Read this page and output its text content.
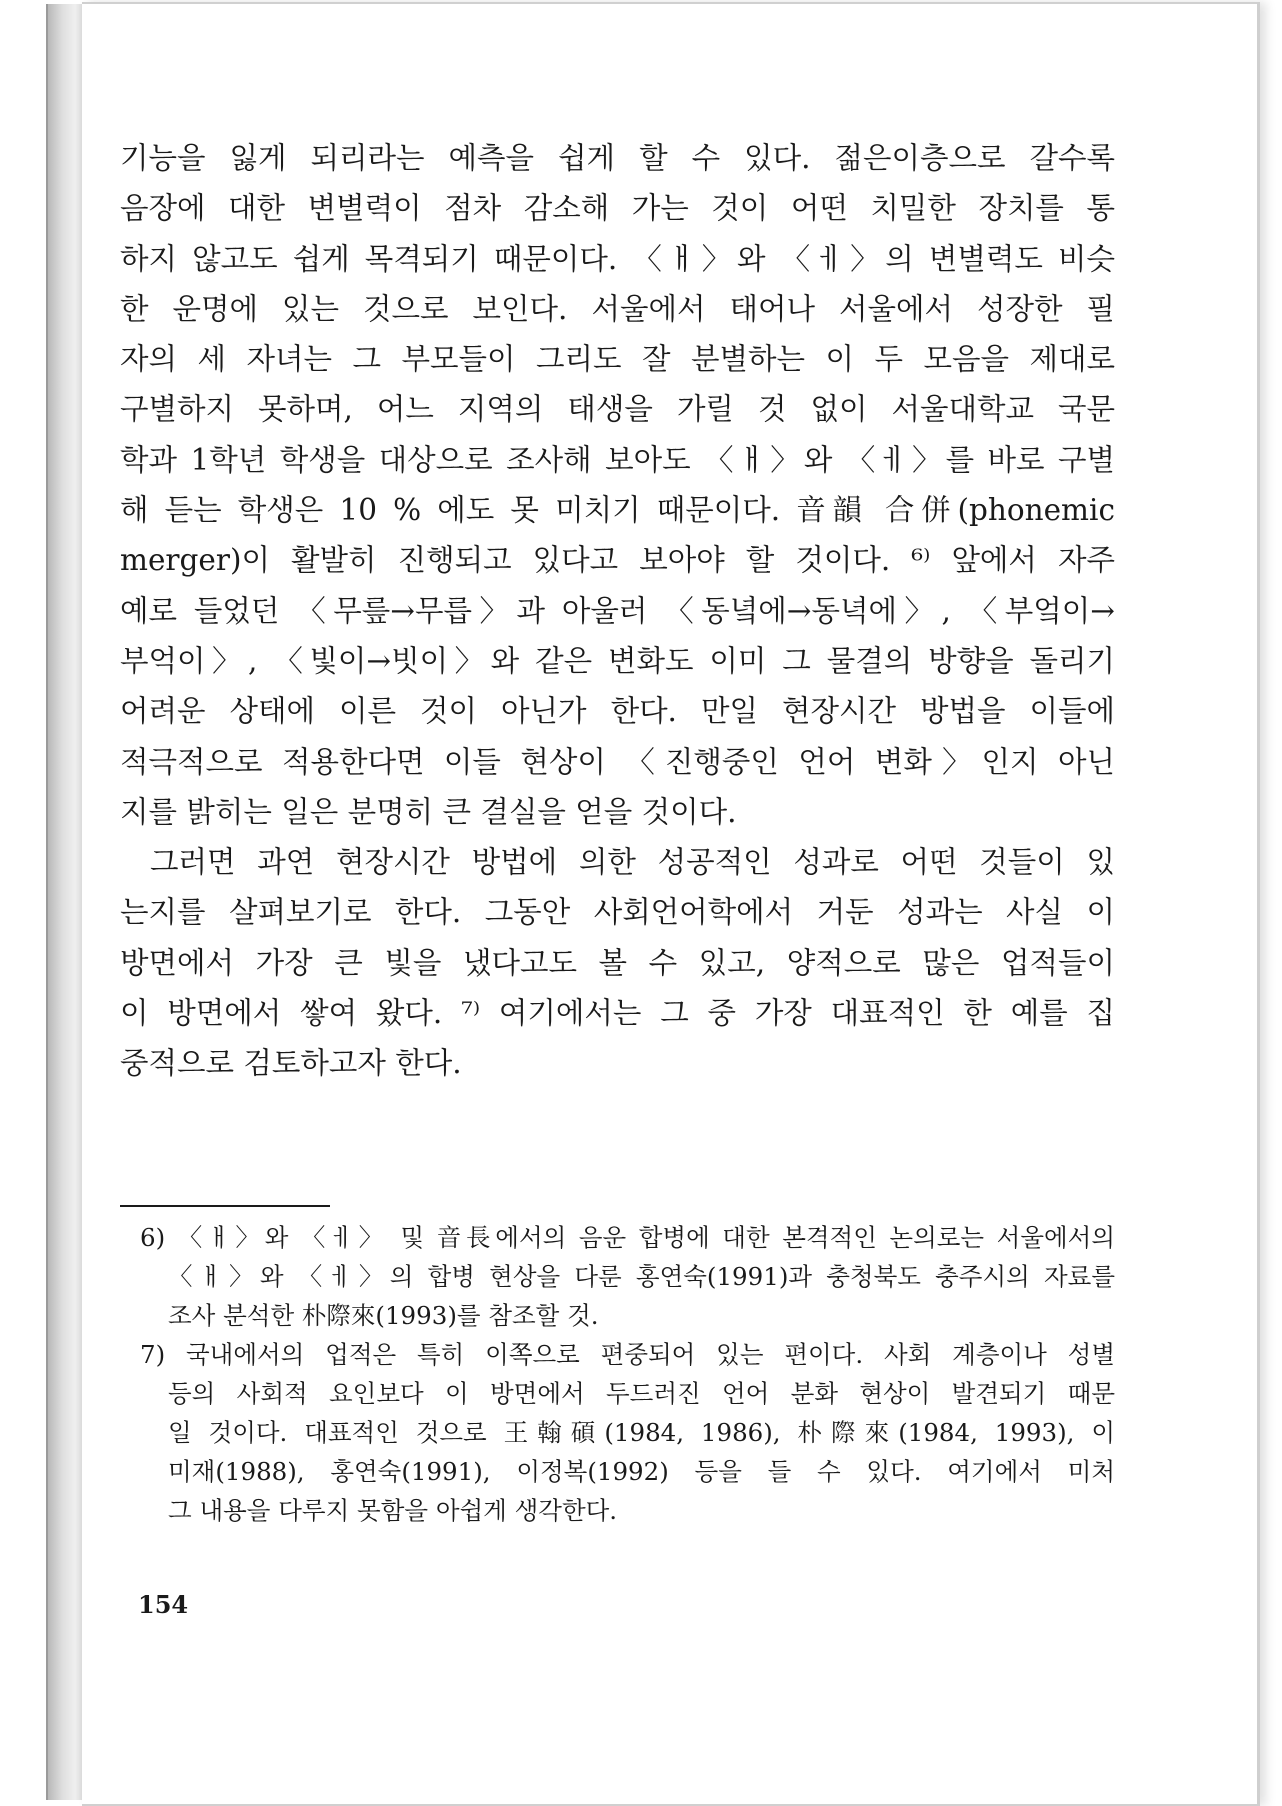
기능을 잃게 되리라는 예측을 쉽게 할 수 있다. 젊은이층으로 갈수록
음장에 대한 변별력이 점차 감소해 가는 것이 어떤 치밀한 장치를 통
하지 않고도 쉽게 목격되기 때문이다. 〈ㅐ〉와 〈ㅔ〉의 변별력도 비슷
한 운명에 있는 것으로 보인다. 서울에서 태어나 서울에서 성장한 필
자의 세 자녀는 그 부모들이 그리도 잘 분별하는 이 두 모음을 제대로
구별하지 못하며, 어느 지역의 태생을 가릴 것 없이 서울대학교 국문
학과 1학년 학생을 대상으로 조사해 보아도 〈ㅐ〉와 〈ㅔ〉를 바로 구별
해 듣는 학생은 10 % 에도 못 미치기 때문이다. 音韻 合併(phonemic
merger)이 활발히 진행되고 있다고 보아야 할 것이다. ⁶⁾ 앞에서 자주
예로 들었던 〈무릎→무릅〉과 아울러 〈동녘에→동녁에〉, 〈부엌이→
부억이〉, 〈빛이→빗이〉와 같은 변화도 이미 그 물결의 방향을 돌리기
어려운 상태에 이른 것이 아닌가 한다. 만일 현장시간 방법을 이들에
적극적으로 적용한다면 이들 현상이 〈진행중인 언어 변화〉인지 아닌
지를 밝히는 일은 분명히 큰 결실을 얻을 것이다.
그러면 과연 현장시간 방법에 의한 성공적인 성과로 어떤 것들이 있
는지를 살펴보기로 한다. 그동안 사회언어학에서 거둔 성과는 사실 이
방면에서 가장 큰 빛을 냈다고도 볼 수 있고, 양적으로 많은 업적들이
이 방면에서 쌓여 왔다. ⁷⁾ 여기에서는 그 중 가장 대표적인 한 예를 집
중적으로 검토하고자 한다.
6) 〈ㅐ〉와 〈ㅔ〉 및 音長에서의 음운 합병에 대한 본격적인 논의로는 서울에서의
〈ㅐ〉와 〈ㅔ〉의 합병 현상을 다룬 홍연숙(1991)과 충청북도 충주시의 자료를
조사 분석한 朴際來(1993)를 참조할 것.
7) 국내에서의 업적은 특히 이쪽으로 편중되어 있는 편이다. 사회 계층이나 성별
등의 사회적 요인보다 이 방면에서 두드러진 언어 분화 현상이 발견되기 때문
일 것이다. 대표적인 것으로 王翰碩(1984, 1986), 朴際來(1984, 1993), 이
미재(1988), 홍연숙(1991), 이정복(1992) 등을 들 수 있다. 여기에서 미처
그 내용을 다루지 못함을 아쉽게 생각한다.
154
